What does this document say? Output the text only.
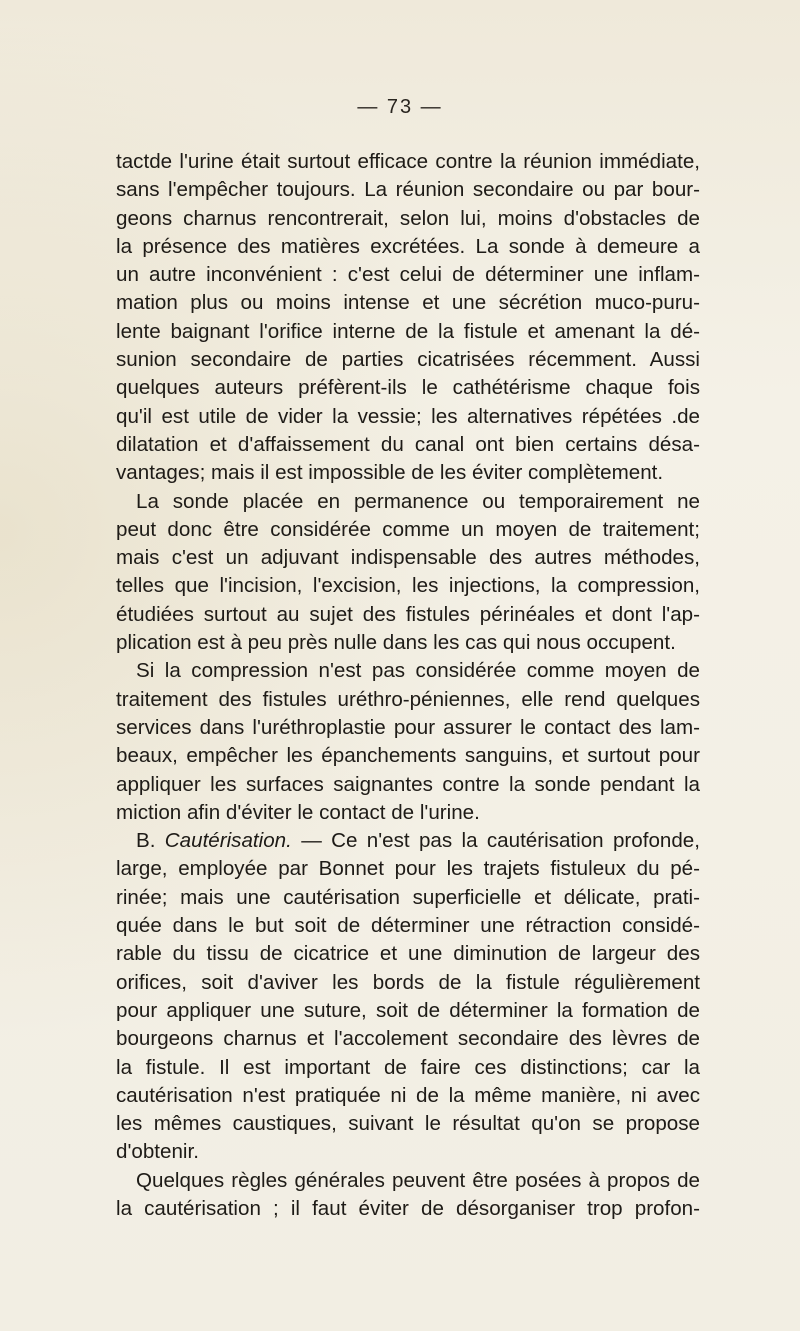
— 73 —
tactde l'urine était surtout efficace contre la réunion immédiate,
sans l'empêcher toujours. La réunion secondaire ou par bour-
geons charnus rencontrerait, selon lui, moins d'obstacles de
la présence des matières excrétées. La sonde à demeure a
un autre inconvénient : c'est celui de déterminer une inflam-
mation plus ou moins intense et une sécrétion muco-puru-
lente baignant l'orifice interne de la fistule et amenant la dé-
sunion secondaire de parties cicatrisées récemment. Aussi
quelques auteurs préfèrent-ils le cathétérisme chaque fois
qu'il est utile de vider la vessie; les alternatives répétées .de
dilatation et d'affaissement du canal ont bien certains désa-
vantages; mais il est impossible de les éviter complètement.
La sonde placée en permanence ou temporairement ne
peut donc être considérée comme un moyen de traitement;
mais c'est un adjuvant indispensable des autres méthodes,
telles que l'incision, l'excision, les injections, la compression,
étudiées surtout au sujet des fistules périnéales et dont l'ap-
plication est à peu près nulle dans les cas qui nous occupent.
Si la compression n'est pas considérée comme moyen de
traitement des fistules uréthro-péniennes, elle rend quelques
services dans l'uréthroplastie pour assurer le contact des lam-
beaux, empêcher les épanchements sanguins, et surtout pour
appliquer les surfaces saignantes contre la sonde pendant la
miction afin d'éviter le contact de l'urine.
B. Cautérisation. — Ce n'est pas la cautérisation profonde,
large, employée par Bonnet pour les trajets fistuleux du pé-
rinée; mais une cautérisation superficielle et délicate, prati-
quée dans le but soit de déterminer une rétraction considé-
rable du tissu de cicatrice et une diminution de largeur des
orifices, soit d'aviver les bords de la fistule régulièrement
pour appliquer une suture, soit de déterminer la formation de
bourgeons charnus et l'accolement secondaire des lèvres de
la fistule. Il est important de faire ces distinctions; car la
cautérisation n'est pratiquée ni de la même manière, ni avec
les mêmes caustiques, suivant le résultat qu'on se propose
d'obtenir.
Quelques règles générales peuvent être posées à propos de
la cautérisation ; il faut éviter de désorganiser trop profon-
